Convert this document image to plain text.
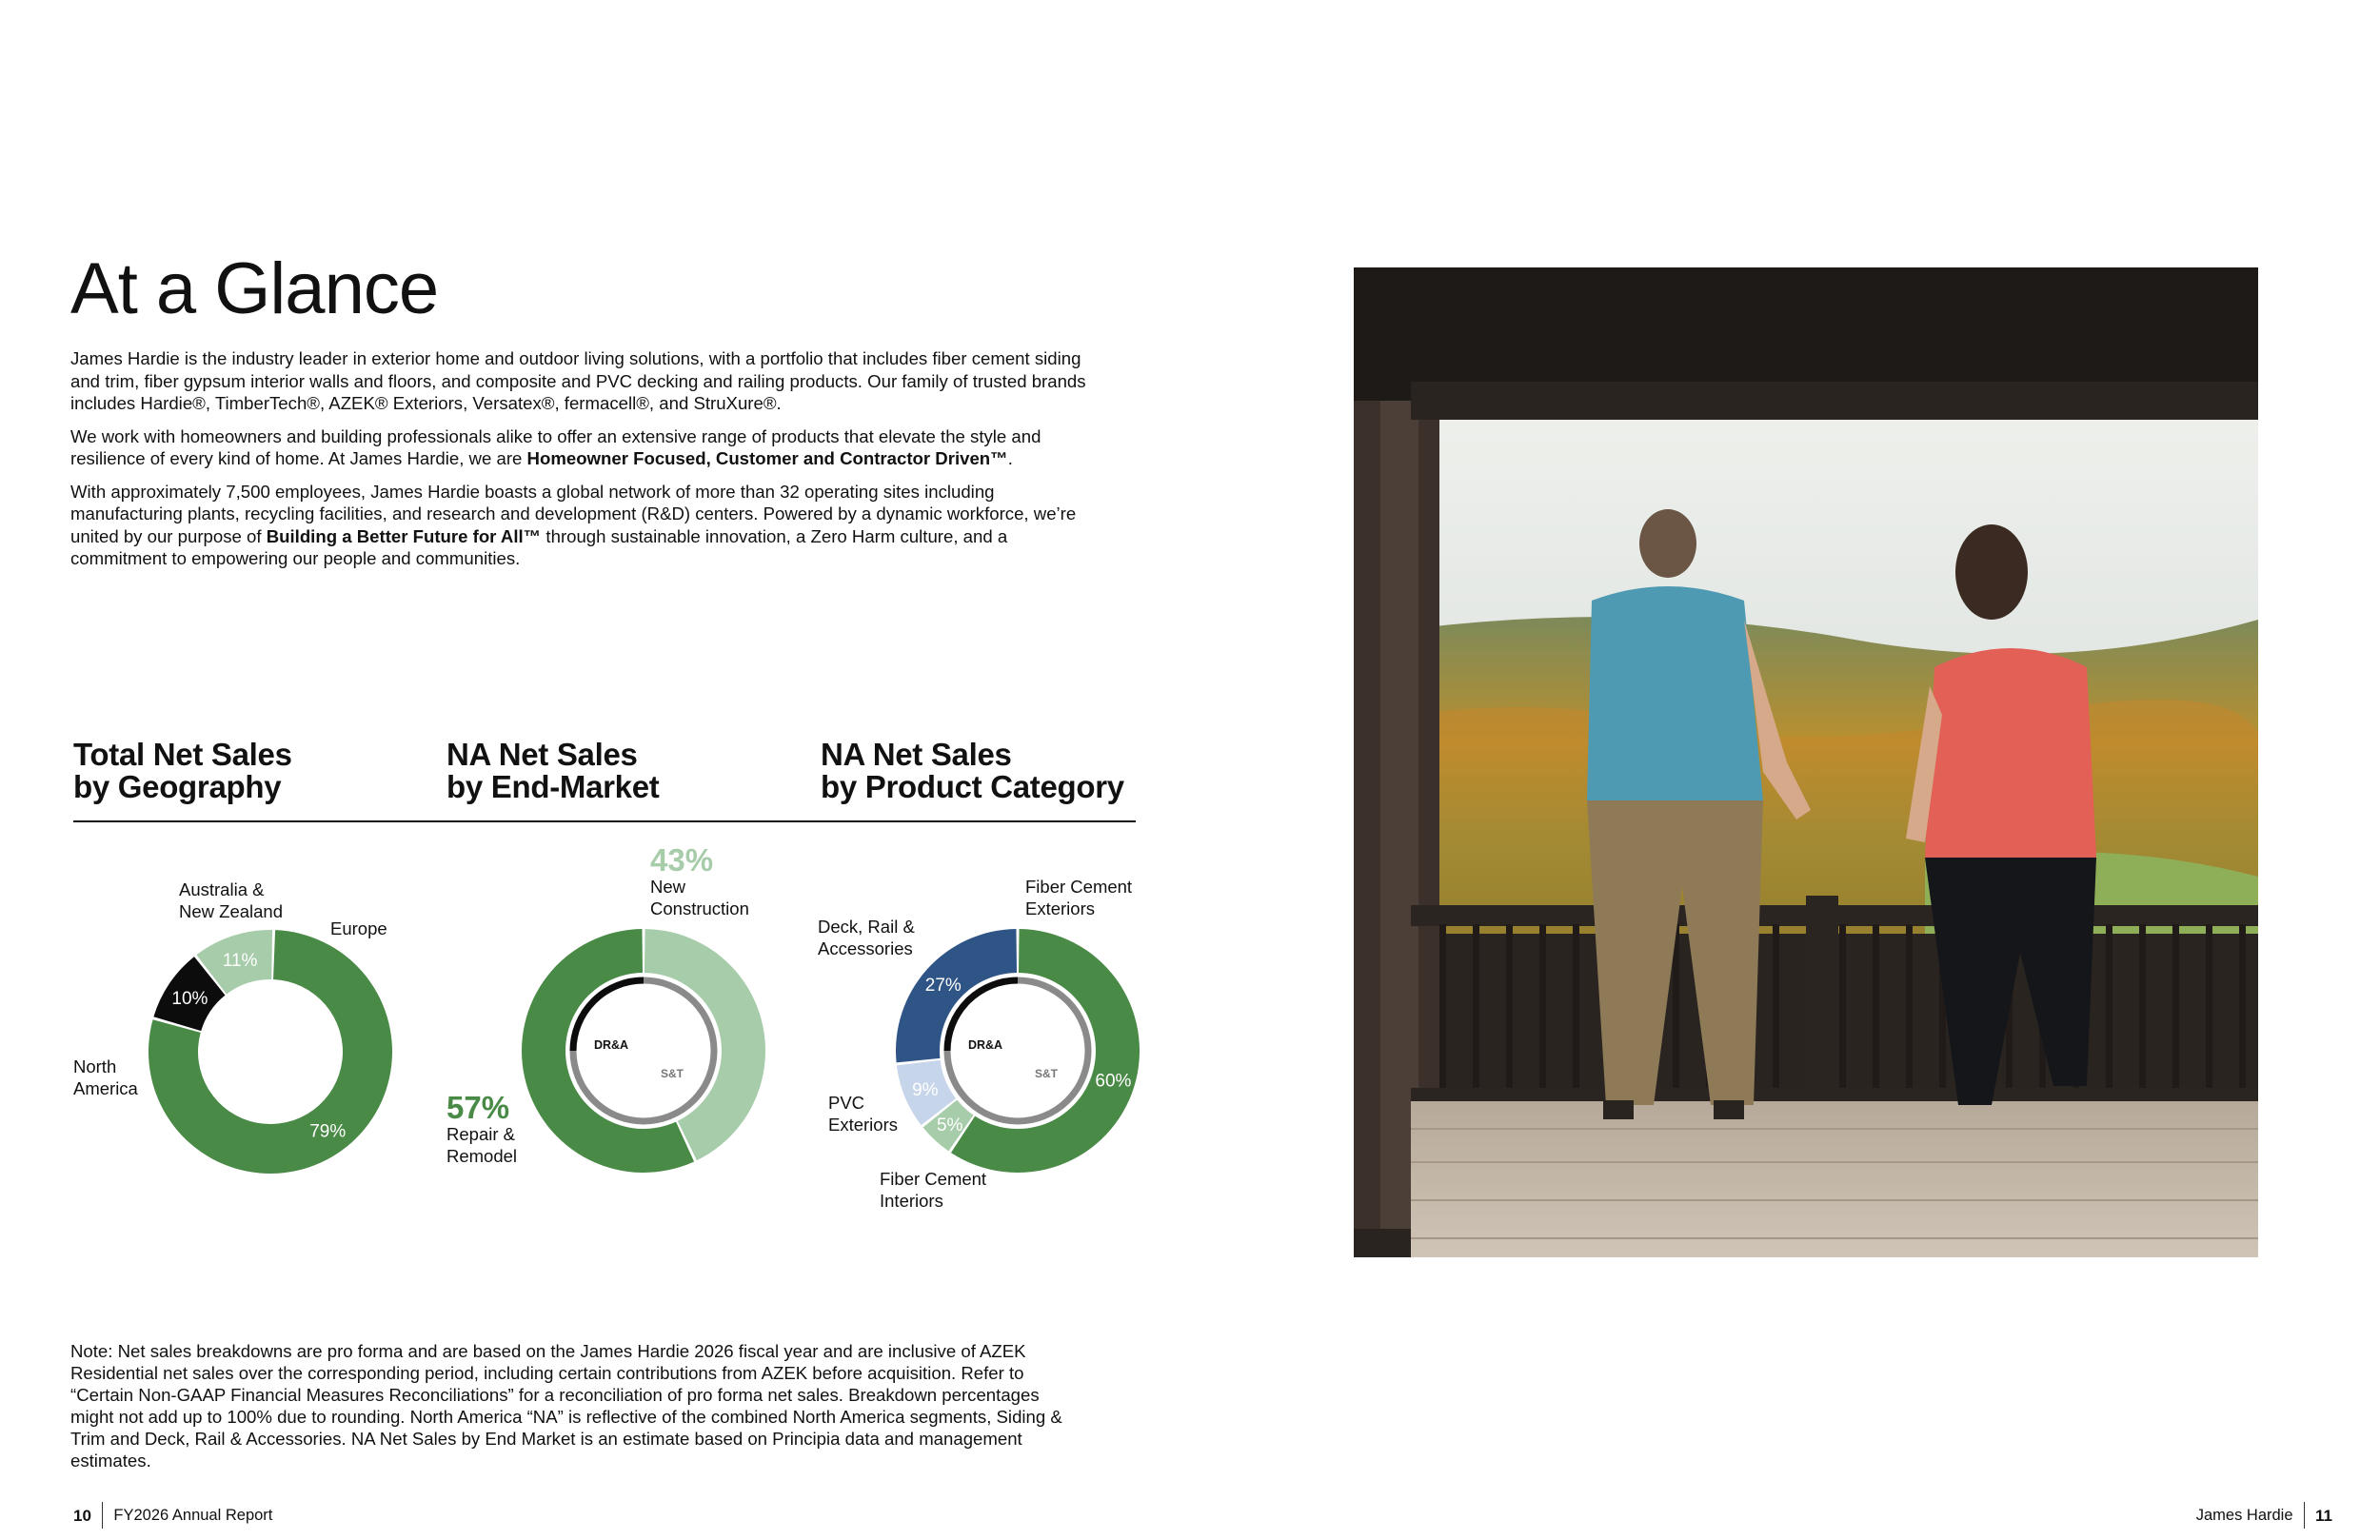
At a Glance

James Hardie is the industry leader in exterior home and outdoor living solutions, with a portfolio that includes fiber cement siding and trim, fiber gypsum interior walls and floors, and composite and PVC decking and railing products. Our family of trusted brands includes Hardie®, TimberTech®, AZEK® Exteriors, Versatex®, fermacell®, and StruXure®.

We work with homeowners and building professionals alike to offer an extensive range of products that elevate the style and resilience of every kind of home. At James Hardie, we are Homeowner Focused, Customer and Contractor Driven™.

With approximately 7,500 employees, James Hardie boasts a global network of more than 32 operating sites including manufacturing plants, recycling facilities, and research and development (R&D) centers. Powered by a dynamic workforce, we’re united by our purpose of Building a Better Future for All™ through sustainable innovation, a Zero Harm culture, and a commitment to empowering our people and communities.

Total Net Sales
by Geography
NA Net Sales
by End-Market
NA Net Sales
by Product Category
10%
11%
79%
Australia &
New Zealand
Europe
North
America
DR&A
S&T
43%
New
Construction
57%
Repair &
Remodel
60%
5%
9%
27%
DR&A
S&T
Fiber Cement
Exteriors
Deck, Rail &
Accessories
PVC
Exteriors
Fiber Cement
Interiors

Note: Net sales breakdowns are pro forma and are based on the James Hardie 2026 fiscal year and are inclusive of AZEK Residential net sales over the corresponding period, including certain contributions from AZEK before acquisition. Refer to “Certain Non-GAAP Financial Measures Reconciliations” for a reconciliation of pro forma net sales. Breakdown percentages might not add up to 100% due to rounding. North America “NA” is reflective of the combined North America segments, Siding & Trim and Deck, Rail & Accessories. NA Net Sales by End Market is an estimate based on Principia data and management estimates.

10 FY2026 Annual Report	James Hardie 11
